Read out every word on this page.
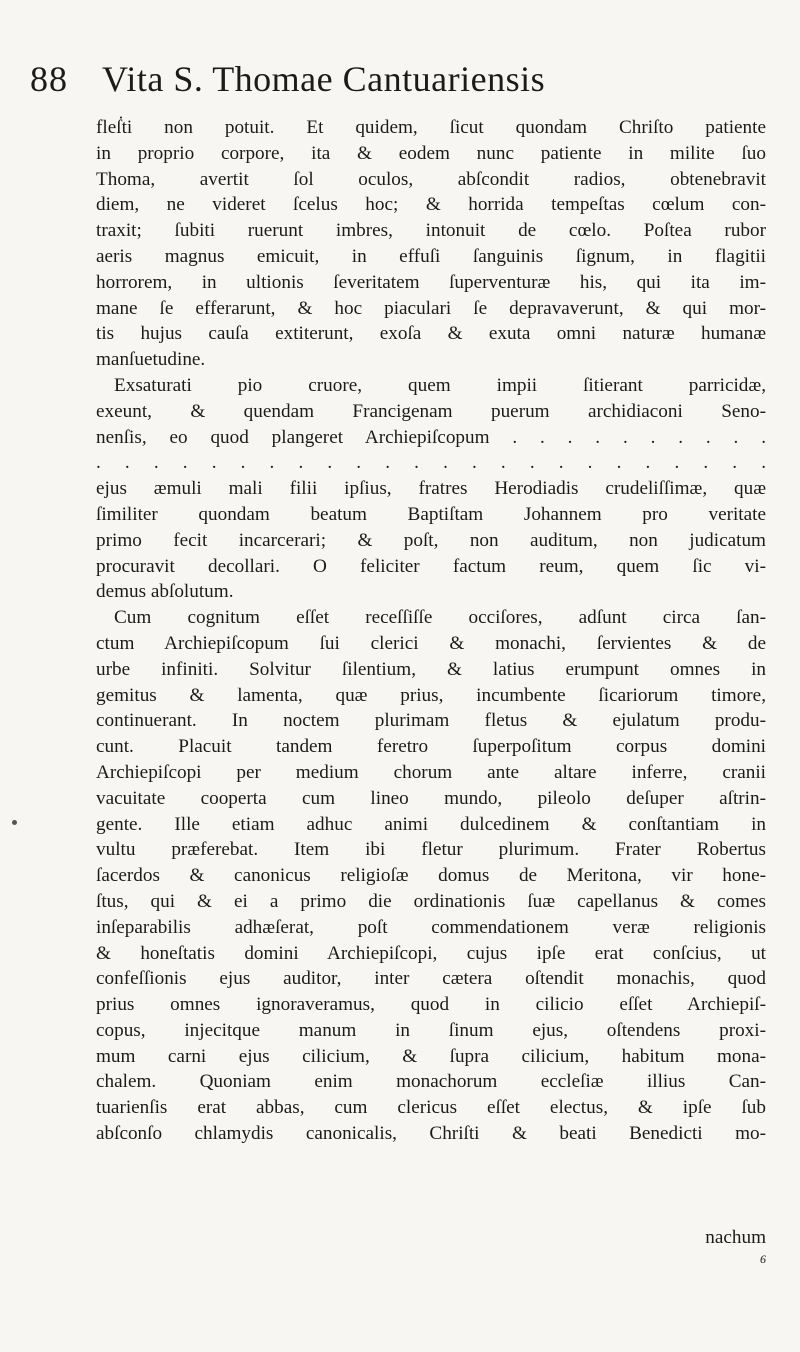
88 Vita S. Thomae Cantuariensis
fleẛti non potuit. Et quidem, ſicut quondam Chriſto patiente
in proprio corpore, ita & eodem nunc patiente in milite ſuo
Thoma, avertit ſol oculos, abſcondit radios, obtenebravit
diem, ne videret ſcelus hoc; & horrida tempeſtas cœlum con-
traxit; ſubiti ruerunt imbres, intonuit de cœlo. Poſtea rubor
aeris magnus emicuit, in effuſi ſanguinis ſignum, in flagitii
horrorem, in ultionis ſeveritatem ſuperventuræ his, qui ita im-
mane ſe efferarunt, & hoc piaculari ſe depravaverunt, & qui mor-
tis hujus cauſa extiterunt, exoſa & exuta omni naturæ humanæ
manſuetudine.
Exsaturati pio cruore, quem impii ſitierant parricidæ,
exeunt, & quendam Francigenam puerum archidiaconi Seno-
nenſis, eo quod plangeret Archiepiſcopum . . . . . . . . . .
. . . . . . . . . . . . . . . . . . . . . . . .
ejus æmuli mali filii ipſius, fratres Herodiadis crudeliſſimæ, quæ
ſimiliter quondam beatum Baptiſtam Johannem pro veritate
primo fecit incarcerari; & poſt, non auditum, non judicatum
procuravit decollari. O feliciter factum reum, quem ſic vi-
demus abſolutum.
Cum cognitum eſſet receſſiſſe occiſores, adſunt circa ſan-
ctum Archiepiſcopum ſui clerici & monachi, ſervientes & de
urbe infiniti. Solvitur ſilentium, & latius erumpunt omnes in
gemitus & lamenta, quæ prius, incumbente ſicariorum timore,
continuerant. In noctem plurimam fletus & ejulatum produ-
cunt. Placuit tandem feretro ſuperpoſitum corpus domini
Archiepiſcopi per medium chorum ante altare inferre, cranii
vacuitate cooperta cum lineo mundo, pileolo deſuper aſtrin-
gente. Ille etiam adhuc animi dulcedinem & conſtantiam in
vultu præferebat. Item ibi fletur plurimum. Frater Robertus
ſacerdos & canonicus religioſæ domus de Meritona, vir hone-
ſtus, qui & ei a primo die ordinationis ſuæ capellanus & comes
inſeparabilis adhæſerat, poſt commendationem veræ religionis
& honeſtatis domini Archiepiſcopi, cujus ipſe erat conſcius, ut
confeſſionis ejus auditor, inter cætera oſtendit monachis, quod
prius omnes ignoraveramus, quod in cilicio eſſet Archiepiſ-
copus, injecitque manum in ſinum ejus, oſtendens proxi-
mum carni ejus cilicium, & ſupra cilicium, habitum mona-
chalem. Quoniam enim monachorum eccleſiæ illius Can-
tuarienſis erat abbas, cum clericus eſſet electus, & ipſe ſub
abſconſo chlamydis canonicalis, Chriſti & beati Benedicti mo-
nachum
6
